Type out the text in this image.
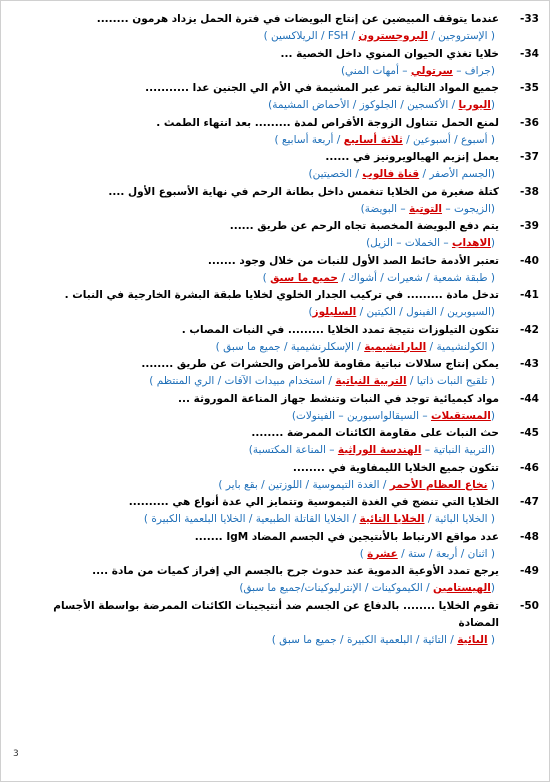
-33
عندما يتوقف المبيضين عن إنتاج البويضات في فترة الحمل يزداد هرمون ........
( الإستروجين / البروجسترون / FSH / الريلاكسين )
-34
خلايا تغذي الحيوان المنوي داخل الخصية ...
(جراف – سرتولي – أمهات المني)
-35
جميع المواد التالية تمر عبر المشيمة في الأم الي الجنين عدا ...........
(اليوريا / الأكسجين / الجلوكوز / الأحماض المشيمة)
-36
لمنع الحمل تتناول الزوجة الأقراص لمدة ......... بعد انتهاء الطمث .
( أسبوع / أسبوعين / ثلاثة أسابيع / أربعة أسابيع )
-37
يعمل إنزيم الهيالويرونيز في ......
(الجسم الأصفر / قناة فالوب / الخصيتين)
-38
كتلة صغيرة من الخلايا تنغمس داخل بطانة الرحم في نهاية الأسبوع الأول ....
(الزيجوت – التوتية – البويضة)
-39
يتم دفع البويضة المخصبة تجاه الرحم عن طريق ......
(الاهداب – الخملات – الزيل)
-40
تعتبر الأدمة حائط الصد الأول للنبات من خلال وجود .......
( طبقة شمعية / شعيرات / أشواك / جميع ما سبق )
-41
تدخل مادة ......... في تركيب الجدار الخلوي لخلايا طبقة البشرة الخارجية في النبات .
(السيوبرين / الفينول / الكيتين / السليلوز)
-42
تتكون التيلوزات نتيجة تمدد الخلايا ......... في النبات المصاب .
( الكولنشيمية / البارانشيمية / الإسكلرنشيمية / جميع ما سبق )
-43
يمكن إنتاج سلالات نباتية مقاومة للأمراض والحشرات عن طريق ........
( تلقيح النبات ذاتيا / التربية النباتية / استخدام مبيدات الآفات / الري المنتظم )
-44
مواد كيميائية توجد في النبات وتنشط جهاز المناعة الموروثة ...
(المستقبلات – السيقالواسبورين – الفينولات)
-45
حث النبات على مقاومة الكائنات الممرضة ........
(التربية النباتية – الهندسة الوراثية – المناعة المكتسبة)
-46
تتكون جميع الخلايا الليمفاوية في ........
( نخاع العظام الأحمر / الغدة التيموسية / اللوزتين / بقع باير )
-47
الخلايا التي تنضج في الغدة التيموسية وتتمايز الي عدة أنواع هي ..........
( الخلايا البائية / الخلايا التائية / الخلايا القاتلة الطبيعية / الخلايا البلعمية الكبيرة )
-48
عدد مواقع الارتباط بالأنتيجين في الجسم المضاد IgM .......
( اثنان / أربعة / ستة / عشرة )
-49
يرجع تمدد الأوعية الدموية عند حدوث جرح بالجسم الي إفراز كميات من مادة ....
(الهيستامين / الكيموكينات / الإنترليوكينات/جميع ما سبق)
-50
تقوم الخلايا ........ بالدفاع عن الجسم ضد أنتيجينات الكائنات الممرضة بواسطة الأجسام
المضادة
( البائية / التائية / البلعمية الكبيرة / جميع ما سبق )
3
